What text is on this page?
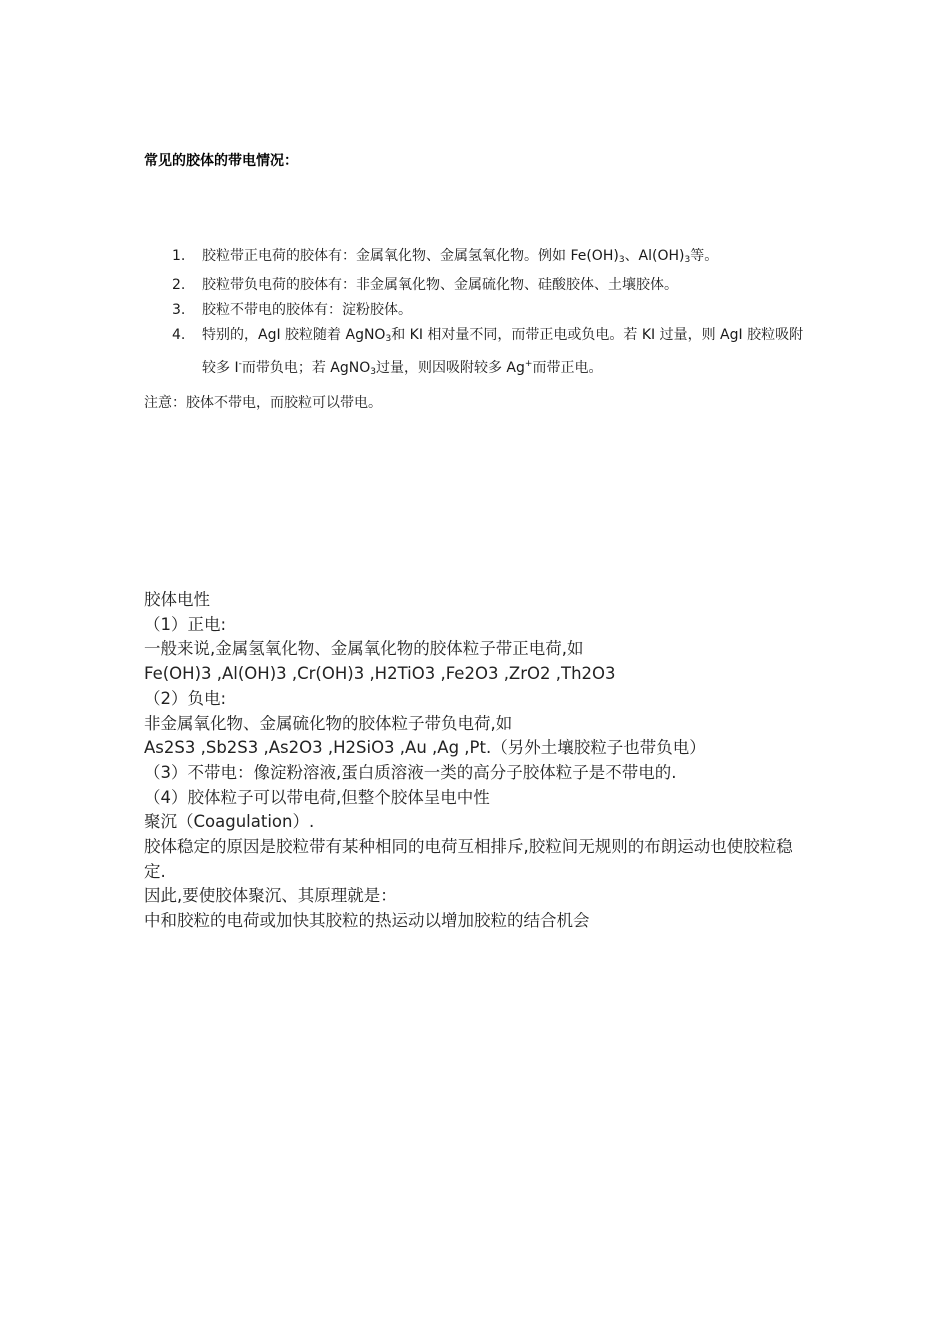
常见的胶体的带电情况：
1. 胶粒带正电荷的胶体有：金属氧化物、金属氢氧化物。例如 $Fe(OH)_3$、$Al(OH)_3$等。
2. 胶粒带负电荷的胶体有：非金属氧化物、金属硫化物、硅酸胶体、土壤胶体。
3. 胶粒不带电的胶体有：淀粉胶体。
4. 特别的，AgI 胶粒随着 AgNO$_3$和 KI 相对量不同，而带正电或负电。若 KI 过量，则 AgI 胶粒吸附较多 I-而带负电；若 AgNO$_3$过量，则因吸附较多 Ag+而带正电。
注意：胶体不带电，而胶粒可以带电。
胶体电性
（1）正电:
一般来说,金属氢氧化物、金属氧化物的胶体粒子带正电荷,如
Fe(OH)3 ,Al(OH)3 ,Cr(OH)3 ,H2TiO3 ,Fe2O3 ,ZrO2 ,Th2O3
（2）负电:
非金属氧化物、金属硫化物的胶体粒子带负电荷,如
As2S3 ,Sb2S3 ,As2O3 ,H2SiO3 ,Au ,Ag ,Pt.（另外土壤胶粒子也带负电）
（3）不带电：像淀粉溶液,蛋白质溶液一类的高分子胶体粒子是不带电的.
（4）胶体粒子可以带电荷,但整个胶体呈电中性
聚沉（Coagulation）.
胶体稳定的原因是胶粒带有某种相同的电荷互相排斥,胶粒间无规则的布朗运动也使胶粒稳定.
因此,要使胶体聚沉、其原理就是：
中和胶粒的电荷或加快其胶粒的热运动以增加胶粒的结合机会
